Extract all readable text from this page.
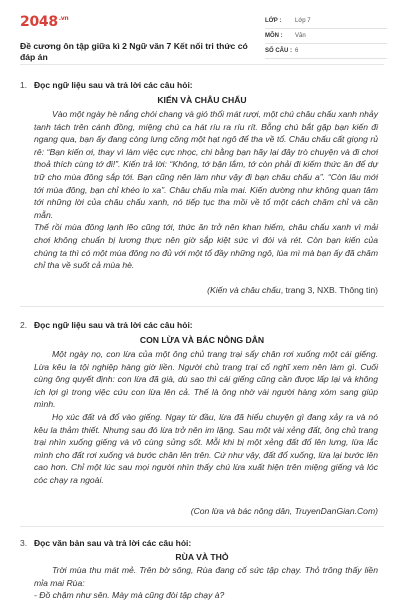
$2048^{.vn}$
Đề cương ôn tập giữa kì 2 Ngữ văn 7 Kết nối tri thức có đáp án
LỚP :	Lớp 7
MÔN :	Văn
SỐ CÂU : 6
1. Đọc ngữ liệu sau và trả lời các câu hỏi:
KIẾN VÀ CHÂU CHẤU

Vào một ngày hè nắng chói chang và gió thổi mát rượi, một chú châu chấu xanh nhảy tanh tách trên cánh đồng, miệng chú ca hát ríu ra ríu rít. Bỗng chú bắt gặp bạn kiến đi ngang qua, bạn ấy đang còng lưng cõng một hạt ngô để tha về tổ. Châu chấu cất giọng rủ rê: “Bạn kiến ơi, thay vì làm việc cực nhọc, chi bằng bạn hãy lại đây trò chuyện và đi chơi thoả thích cùng tớ đi!”. Kiến trả lời: “Không, tớ bận lắm, tớ còn phải đi kiếm thức ăn để dự trữ cho mùa đông sắp tới. Bạn cũng nên làm như vậy đi bạn châu chấu a”. “Còn lâu mới tới mùa đông, bạn chỉ khéo lo xa”. Châu chấu mỉa mai. Kiến dường như không quan tâm tới những lời của châu chấu xanh, nó tiếp tục tha mồi về tổ một cách chăm chỉ và cần mẫn.

Thế rồi mùa đông lạnh lẽo cũng tới, thức ăn trở nên khan hiếm, châu chấu xanh vì mải chơi không chuẩn bị lương thực nên giờ sắp kiệt sức vì đói và rét. Còn bạn kiến của chúng ta thì có một mùa đông no đủ với một tổ đầy những ngô, lúa mì mà bạn ấy đã chăm chỉ tha về suốt cả mùa hè.

(Kiến và châu chấu, trang 3, NXB. Thông tin)
2. Đọc ngữ liệu sau và trả lời các câu hỏi:
CON LỪA VÀ BÁC NÔNG DÂN

Một ngày nọ, con lừa của một ông chủ trang trại sẩy chân rơi xuống một cái giếng. Lừa kêu la tội nghiệp hàng giờ liền. Người chủ trang trại cố nghĩ xem nên làm gì. Cuối cùng ông quyết định: con lừa đã già, dù sao thì cái giếng cũng cần được lấp lại và không ích lợi gì trong việc cứu con lừa lên cả. Thế là ông nhờ vài người hàng xóm sang giúp mình.

Họ xúc đất và đổ vào giếng. Ngay từ đầu, lừa đã hiểu chuyện gì đang xảy ra và nó kêu la thảm thiết. Nhưng sau đó lừa trở nên im lặng. Sau một vài xẻng đất, ông chủ trang trại nhìn xuống giếng và vô cùng sửng sốt. Mỗi khi bị một xẻng đất đổ lên lưng, lừa lắc mình cho đất rơi xuống và bước chân lên trên. Cứ như vậy, đất đổ xuống, lừa lại bước lên cao hơn. Chỉ một lúc sau mọi người nhìn thấy chú lừa xuất hiện trên miệng giếng và lóc cóc chạy ra ngoài.

(Con lừa và bác nông dân, TruyenDanGian.Com)
3. Đọc văn bản sau và trả lời các câu hỏi:
RÙA VÀ THỎ

Trời mùa thu mát mẻ. Trên bờ sông, Rùa đang cố sức tập chạy. Thỏ trông thấy liền mỉa mai Rùa:

- Đồ chậm như sên. Mày mà cũng đòi tập chạy à?
